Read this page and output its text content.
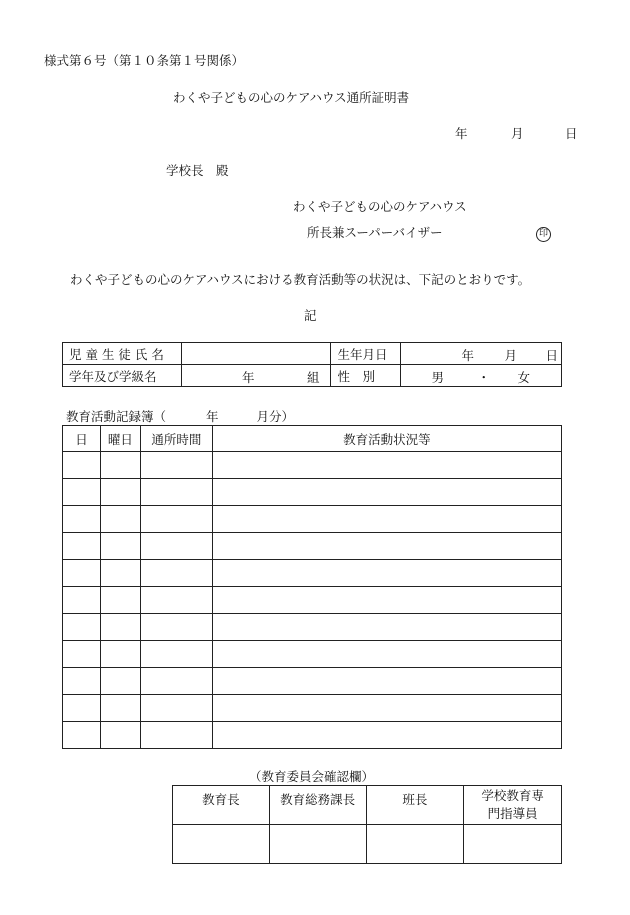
様式第６号（第１０条第１号関係）
わくや子どもの心のケアハウス通所証明書
年	月	日
学校長　殿
わくや子どもの心のケアハウス
所長兼スーパーバイザー	印
わくや子どもの心のケアハウスにおける教育活動等の状況は、下記のとおりです。
記
児 童 生 徒 氏 名		生年月日	年 月 日

学年及び学級名	年 組	性　別	男 ・ 女
教育活動記録簿（	年	月分）
日	曜日	通所時間	教育活動状況等

（教育委員会確認欄）
教育長	教育総務課長	班長	学校教育専門指導員
